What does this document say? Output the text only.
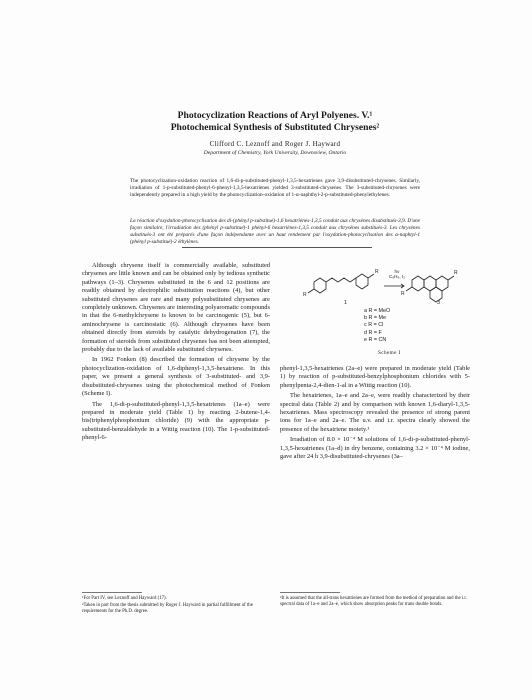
Photocyclization Reactions of Aryl Polyenes. V.¹ Photochemical Synthesis of Substituted Chrysenes²
Clifford C. Leznoff and Roger J. Hayward
Department of Chemistry, York University, Downsview, Ontario
The photocyclization-oxidation reaction of 1,6-di-p-substituted-phenyl-1,3,5-hexatrienes gave 3,9-disubstituted-chrysenes. Similarly, irradiation of 1-p-substituted-phenyl-6-phenyl-1,3,5-hexatrienes yielded 3-substituted-chrysenes. The 3-substituted-chrysenes were independently prepared in a high yield by the photocyclization-oxidation of 1-α-naphthyl-2-p-substituted-phenylethylenes.
La réaction d'oxydation-photocyclisation des di-(phényl p-substitué)-1,6 hexatriènes-1,3,5 conduit aux chrysènes disubstitués-3,9. D'une façon similaire, l'irradiation des (phényl p-substitué)-1 phényl-6 hexatriènes-1,3,5 conduit aux chrysènes substitués-3. Les chrysènes substitués-3 ont été préparés d'une façon indépendante avec un haut rendement par l'oxydation-photocyclisation des α-naphtyl-1 (phényl p-substitué)-2 éthylènes.

Although chrysene itself is commercially available, substituted chrysenes are little known and can be obtained only by tedious synthetic pathways (1–3). Chrysenes substituted in the 6 and 12 positions are readily obtained by electrophilic substitution reactions (4), but other substituted chrysenes are rare and many polysubstituted chrysenes are completely unknown. Chrysenes are interesting polyaromatic compounds in that the 6-methylchrysene is known to be carcinogenic (5), but 6-aminochrysene is carcinostatic (6). Although chrysenes have been obtained directly from steroids by catalytic dehydrogenation (7), the formation of steroids from substituted chrysenes has not been attempted, probably due to the lack of available substituted chrysenes.

In 1962 Fonken (8) described the formation of chrysene by the photocyclization-oxidation of 1,6-diphenyl-1,3,5-hexatriene. In this paper, we present a general synthesis of 3-substituted- and 3,9-disubstituted-chrysenes using the photochemical method of Fonken (Scheme I).

The 1,6-di-p-substituted-phenyl-1,3,5-hexatrienes (1a–e) were prepared in moderate yield (Table 1) by reacting 2-butene-1,4-bis(triphenylphosphonium chloride) (9) with the appropriate p-substituted-benzaldehyde in a Wittig reaction (10). The 1-p-substituted-phenyl-6-

R
R
R
R
hν
C₆H₆, I₂
1	3
a R = MeO
b R = Me
c R = Cl
d R = F
e R = CN
Scheme I

phenyl-1,3,5-hexatrienes (2a–e) were prepared in moderate yield (Table 1) by reaction of p-substituted-benzylphosphonium chlorides with 5-phenylpenta-2,4-dien-1-al in a Wittig reaction (10).

The hexatrienes, 1a–e and 2a–e, were readily characterized by their spectral data (Table 2) and by comparison with known 1,6-diaryl-1,3,5-hexatrienes. Mass spectroscopy revealed the presence of strong parent ions for 1a–e and 2a–e. The u.v. and i.r. spectra clearly showed the presence of the hexatriene moiety.³

Irradiation of 8.0 × 10⁻⁴ M solutions of 1,6-di-p-substituted-phenyl-1,3,5-hexatrienes (1a–d) in dry benzene, containing 3.2 × 10⁻⁴ M iodine, gave after 24 h 3,9-disubstituted-chrysenes (3a–

¹For Part IV, see Leznoff and Hayward (17).

²Taken in part from the thesis submitted by Roger J. Hayward in partial fulfillment of the requirements for the Ph.D. degree.

³It is assumed that the all-trans hexatrienes are formed from the method of preparation and the i.r. spectral data of 1a–e and 2a–e, which show absorption peaks for trans double bonds.
